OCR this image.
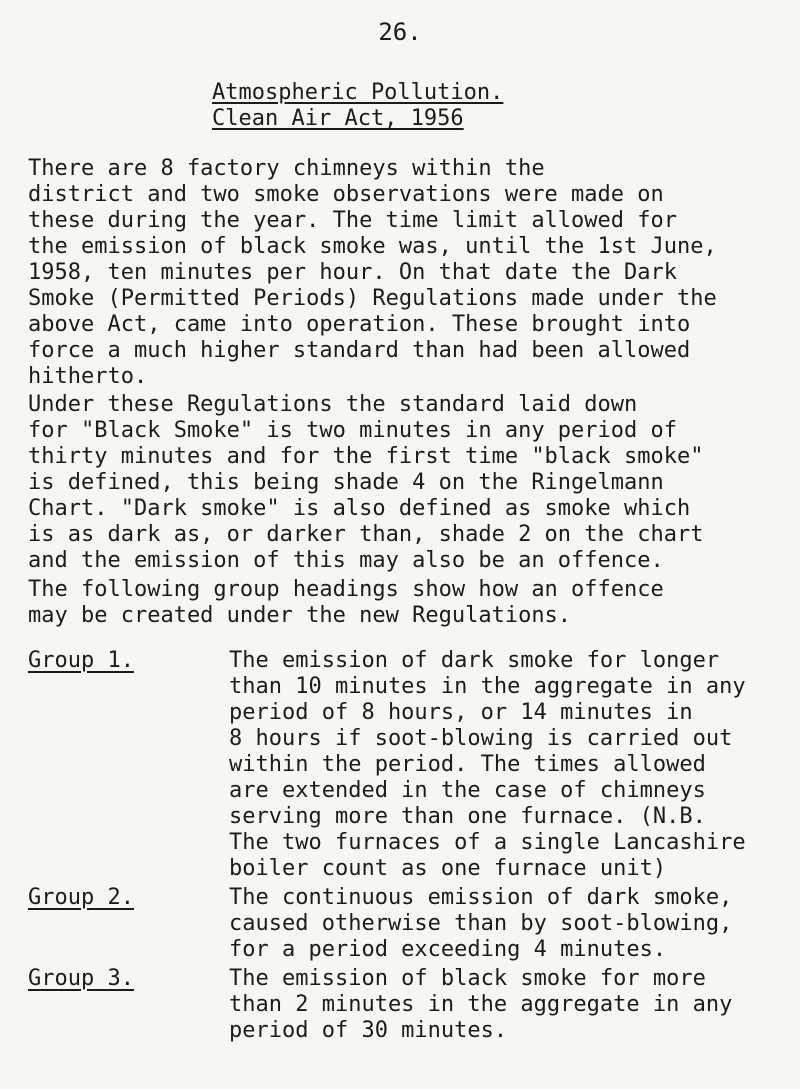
26.
Atmospheric Pollution.
Clean Air Act, 1956
There are 8 factory chimneys within the
district and two smoke observations were made on
these during the year. The time limit allowed for
the emission of black smoke was, until the 1st June,
1958, ten minutes per hour. On that date the Dark
Smoke (Permitted Periods) Regulations made under the
above Act, came into operation. These brought into
force a much higher standard than had been allowed
hitherto.
Under these Regulations the standard laid down
for "Black Smoke" is two minutes in any period of
thirty minutes and for the first time "black smoke"
is defined, this being shade 4 on the Ringelmann
Chart. "Dark smoke" is also defined as smoke which
is as dark as, or darker than, shade 2 on the chart
and the emission of this may also be an offence.
The following group headings show how an offence
may be created under the new Regulations.
Group 1.	The emission of dark smoke for longer
than 10 minutes in the aggregate in any
period of 8 hours, or 14 minutes in
8 hours if soot-blowing is carried out
within the period. The times allowed
are extended in the case of chimneys
serving more than one furnace. (N.B.
The two furnaces of a single Lancashire
boiler count as one furnace unit)
Group 2.	The continuous emission of dark smoke,
caused otherwise than by soot-blowing,
for a period exceeding 4 minutes.
Group 3.	The emission of black smoke for more
than 2 minutes in the aggregate in any
period of 30 minutes.
